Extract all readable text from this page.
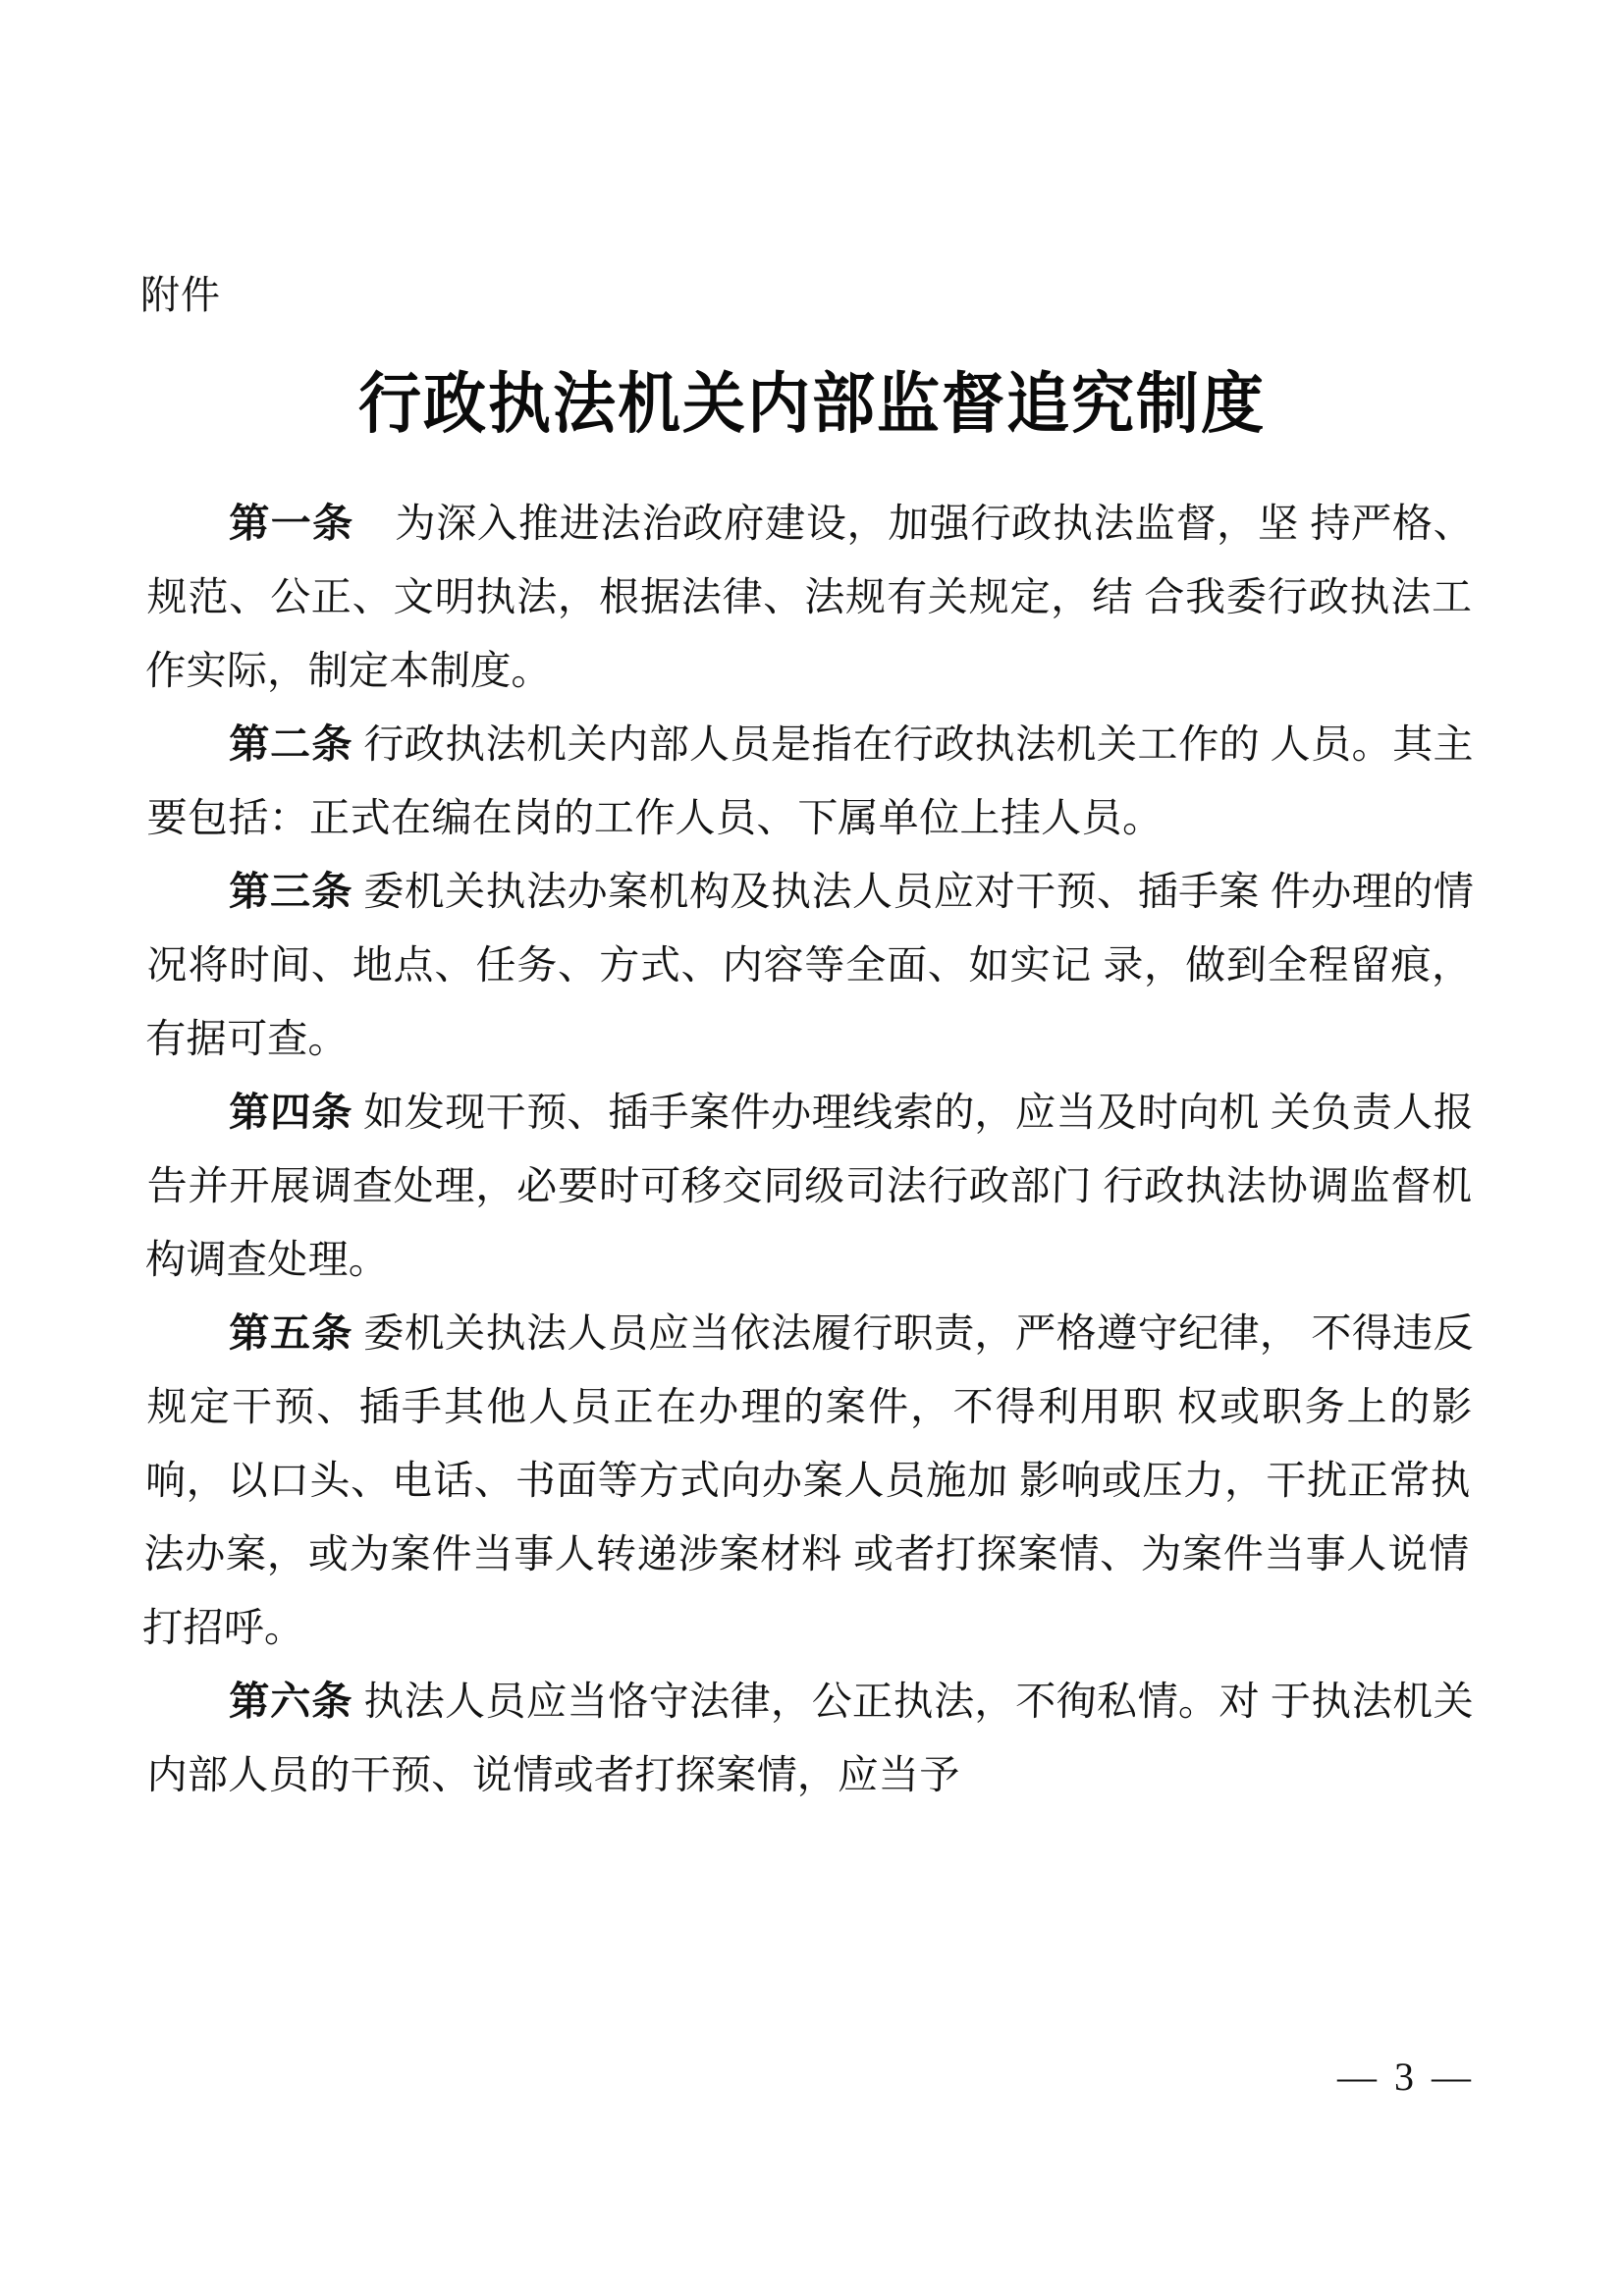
附件
行政执法机关内部监督追究制度

第一条　为深入推进法治政府建设，加强行政执法监督，坚 持严格、规范、公正、文明执法，根据法律、法规有关规定，结 合我委行政执法工作实际，制定本制度。

第二条 行政执法机关内部人员是指在行政执法机关工作的 人员。其主要包括：正式在编在岗的工作人员、下属单位上挂人员。

第三条 委机关执法办案机构及执法人员应对干预、插手案 件办理的情况将时间、地点、任务、方式、内容等全面、如实记 录，做到全程留痕，有据可查。

第四条 如发现干预、插手案件办理线索的，应当及时向机 关负责人报告并开展调查处理，必要时可移交同级司法行政部门 行政执法协调监督机构调查处理。

第五条 委机关执法人员应当依法履行职责，严格遵守纪律， 不得违反规定干预、插手其他人员正在办理的案件，不得利用职 权或职务上的影响，以口头、电话、书面等方式向办案人员施加 影响或压力，干扰正常执法办案，或为案件当事人转递涉案材料 或者打探案情、为案件当事人说情打招呼。

第六条 执法人员应当恪守法律，公正执法，不徇私情。对 于执法机关内部人员的干预、说情或者打探案情，应当予

— 3 —
